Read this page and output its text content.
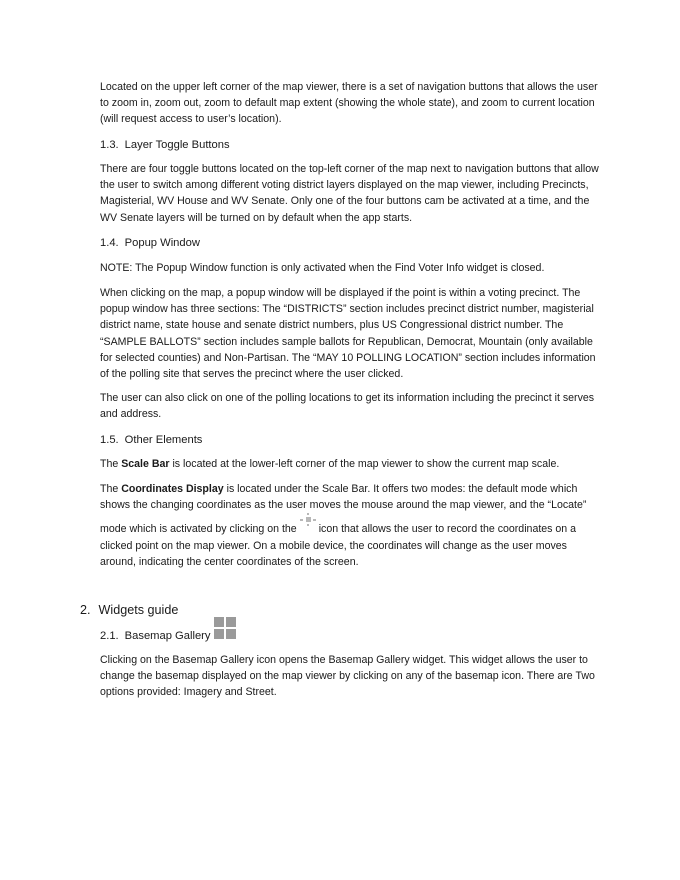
Located on the upper left corner of the map viewer, there is a set of navigation buttons that allows the user to zoom in, zoom out, zoom to default map extent (showing the whole state), and zoom to current location (will request access to user’s location).

1.3. Layer Toggle Buttons

There are four toggle buttons located on the top-left corner of the map next to navigation buttons that allow the user to switch among different voting district layers displayed on the map viewer, including Precincts, Magisterial, WV House and WV Senate. Only one of the four buttons cam be activated at a time, and the WV Senate layers will be turned on by default when the app starts.

1.4. Popup Window

NOTE: The Popup Window function is only activated when the Find Voter Info widget is closed.

When clicking on the map, a popup window will be displayed if the point is within a voting precinct. The popup window has three sections: The “DISTRICTS” section includes precinct district number, magisterial district name, state house and senate district numbers, plus US Congressional district number. The “SAMPLE BALLOTS” section includes sample ballots for Republican, Democrat, Mountain (only available for selected counties) and Non-Partisan. The “MAY 10 POLLING LOCATION” section includes information of the polling site that serves the precinct where the user clicked.

The user can also click on one of the polling locations to get its information including the precinct it serves and address.

1.5. Other Elements

The Scale Bar is located at the lower-left corner of the map viewer to show the current map scale.

The Coordinates Display is located under the Scale Bar. It offers two modes: the default mode which shows the changing coordinates as the user moves the mouse around the map viewer, and the “Locate” mode which is activated by clicking on the icon that allows the user to record the coordinates on a clicked point on the map viewer. On a mobile device, the coordinates will change as the user moves around, indicating the center coordinates of the screen.

2. Widgets guide

2.1. Basemap Gallery

Clicking on the Basemap Gallery icon opens the Basemap Gallery widget. This widget allows the user to change the basemap displayed on the map viewer by clicking on any of the basemap icon. There are Two options provided: Imagery and Street.
